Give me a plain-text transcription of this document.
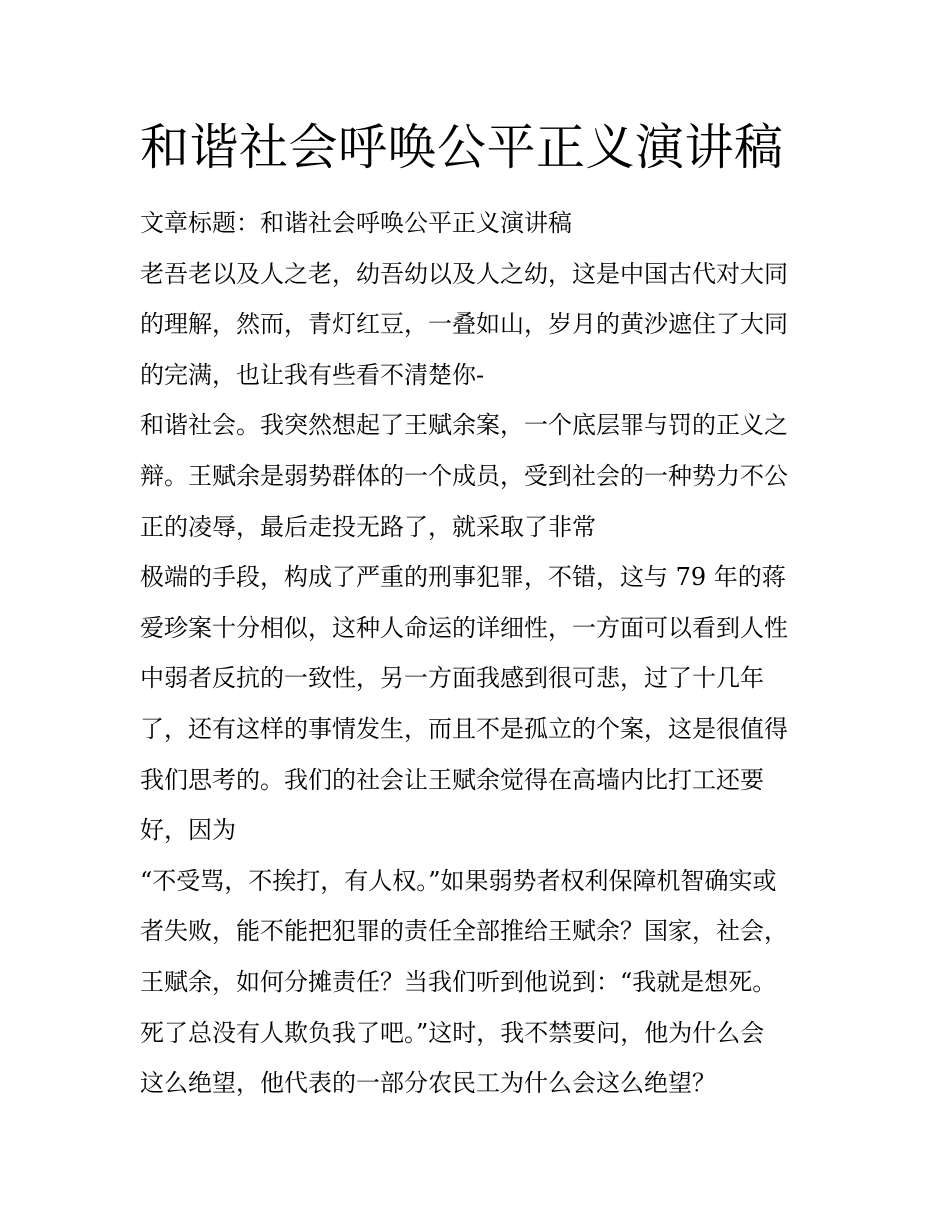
和谐社会呼唤公平正义演讲稿
文章标题：和谐社会呼唤公平正义演讲稿
老吾老以及人之老，幼吾幼以及人之幼，这是中国古代对大同
的理解，然而，青灯红豆，一叠如山，岁月的黄沙遮住了大同
的完满，也让我有些看不清楚你-
和谐社会。我突然想起了王赋余案，一个底层罪与罚的正义之
辩。王赋余是弱势群体的一个成员，受到社会的一种势力不公
正的凌辱，最后走投无路了，就采取了非常
极端的手段，构成了严重的刑事犯罪，不错，这与 79 年的蒋
爱珍案十分相似，这种人命运的详细性，一方面可以看到人性
中弱者反抗的一致性，另一方面我感到很可悲，过了十几年
了，还有这样的事情发生，而且不是孤立的个案，这是很值得
我们思考的。我们的社会让王赋余觉得在高墙内比打工还要
好，因为
“不受骂，不挨打，有人权。”如果弱势者权利保障机智确实或
者失败，能不能把犯罪的责任全部推给王赋余？国家，社会，
王赋余，如何分摊责任？当我们听到他说到：“我就是想死。
死了总没有人欺负我了吧。”这时，我不禁要问，他为什么会
这么绝望，他代表的一部分农民工为什么会这么绝望？
